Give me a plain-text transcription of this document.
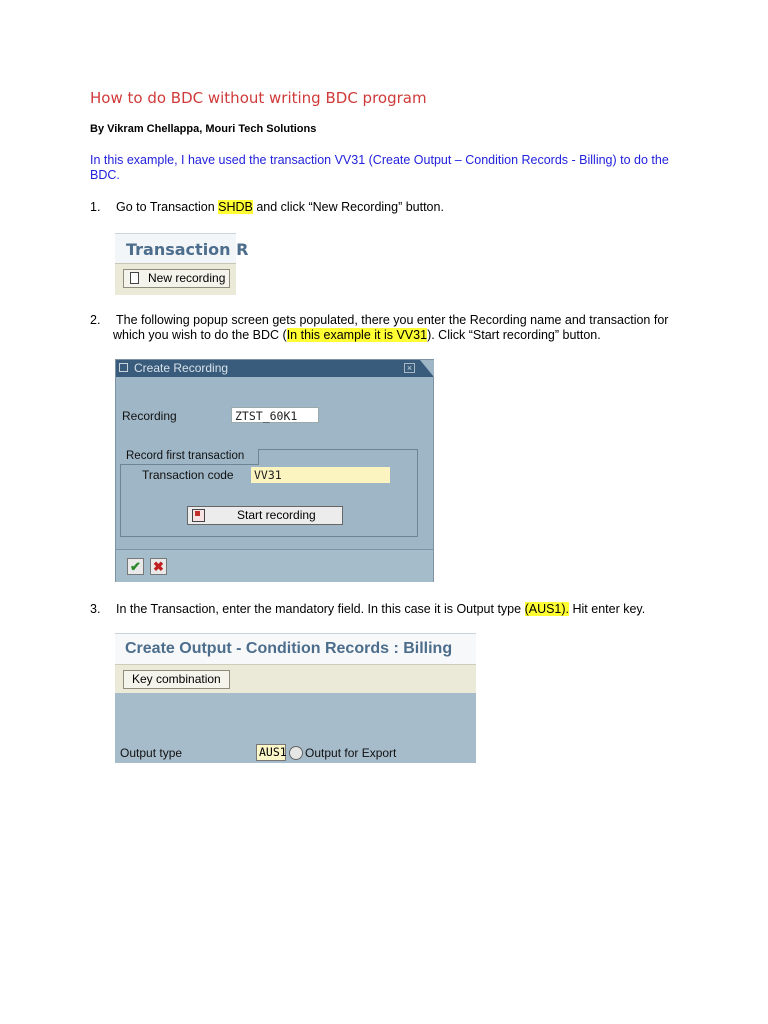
How to do BDC without writing BDC program
By Vikram Chellappa, Mouri Tech Solutions
In this example, I have used the transaction VV31 (Create Output – Condition Records - Billing) to do the BDC.
1. Go to Transaction SHDB and click “New Recording” button.
Transaction R
New recording
2. The following popup screen gets populated, there you enter the Recording name and transaction for
which you wish to do the BDC (In this example it is VV31). Click “Start recording” button.
Create Recording	×
Recording	ZTST_60K1
Record first transaction
Transaction code VV31
Start recording
✔ ✖
3. In the Transaction, enter the mandatory field. In this case it is Output type (AUS1). Hit enter key.
Create Output - Condition Records : Billing
Key combination
Output type	AUS1 Output for Export
